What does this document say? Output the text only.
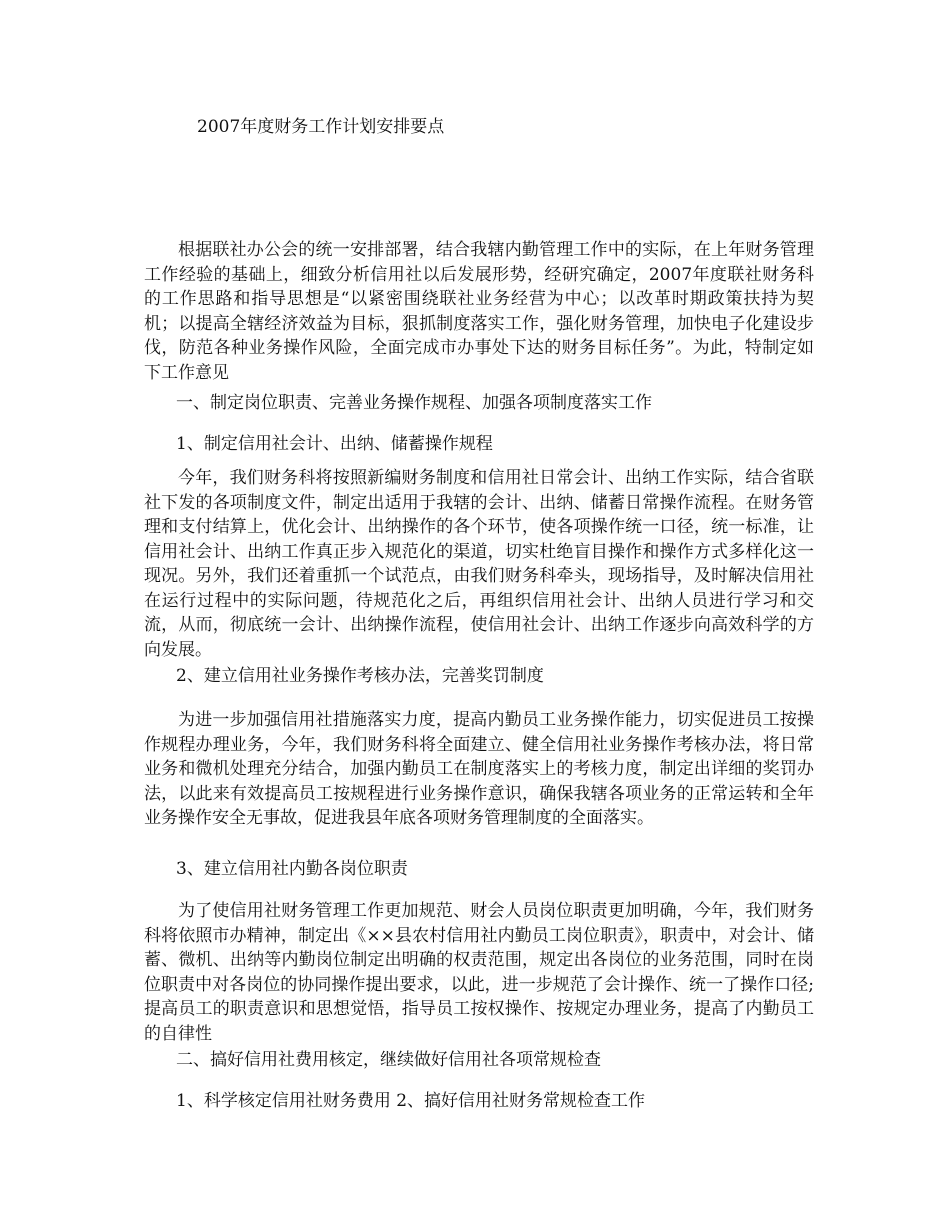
2007年度财务工作计划安排要点

根据联社办公会的统一安排部署，结合我辖内勤管理工作中的实际，在上年财务管理工作经验的基础上，细致分析信用社以后发展形势，经研究确定，2007年度联社财务科的工作思路和指导思想是“以紧密围绕联社业务经营为中心；以改革时期政策扶持为契机；以提高全辖经济效益为目标，狠抓制度落实工作，强化财务管理，加快电子化建设步伐，防范各种业务操作风险，全面完成市办事处下达的财务目标任务”。为此，特制定如下工作意见

一、制定岗位职责、完善业务操作规程、加强各项制度落实工作

1、制定信用社会计、出纳、储蓄操作规程

今年，我们财务科将按照新编财务制度和信用社日常会计、出纳工作实际，结合省联社下发的各项制度文件，制定出适用于我辖的会计、出纳、储蓄日常操作流程。在财务管理和支付结算上，优化会计、出纳操作的各个环节，使各项操作统一口径，统一标准，让信用社会计、出纳工作真正步入规范化的渠道，切实杜绝盲目操作和操作方式多样化这一现况。另外，我们还着重抓一个试范点，由我们财务科牵头，现场指导，及时解决信用社在运行过程中的实际问题，待规范化之后，再组织信用社会计、出纳人员进行学习和交流，从而，彻底统一会计、出纳操作流程，使信用社会计、出纳工作逐步向高效科学的方向发展。

2、建立信用社业务操作考核办法，完善奖罚制度

为进一步加强信用社措施落实力度，提高内勤员工业务操作能力，切实促进员工按操作规程办理业务，今年，我们财务科将全面建立、健全信用社业务操作考核办法，将日常业务和微机处理充分结合，加强内勤员工在制度落实上的考核力度，制定出详细的奖罚办法，以此来有效提高员工按规程进行业务操作意识，确保我辖各项业务的正常运转和全年业务操作安全无事故，促进我县年底各项财务管理制度的全面落实。

3、建立信用社内勤各岗位职责

为了使信用社财务管理工作更加规范、财会人员岗位职责更加明确，今年，我们财务科将依照市办精神，制定出《××县农村信用社内勤员工岗位职责》，职责中，对会计、储蓄、微机、出纳等内勤岗位制定出明确的权责范围，规定出各岗位的业务范围，同时在岗位职责中对各岗位的协同操作提出要求，以此，进一步规范了会计操作、统一了操作口径;提高员工的职责意识和思想觉悟，指导员工按权操作、按规定办理业务，提高了内勤员工的自律性

二、搞好信用社费用核定，继续做好信用社各项常规检查

1、科学核定信用社财务费用 2、搞好信用社财务常规检查工作
